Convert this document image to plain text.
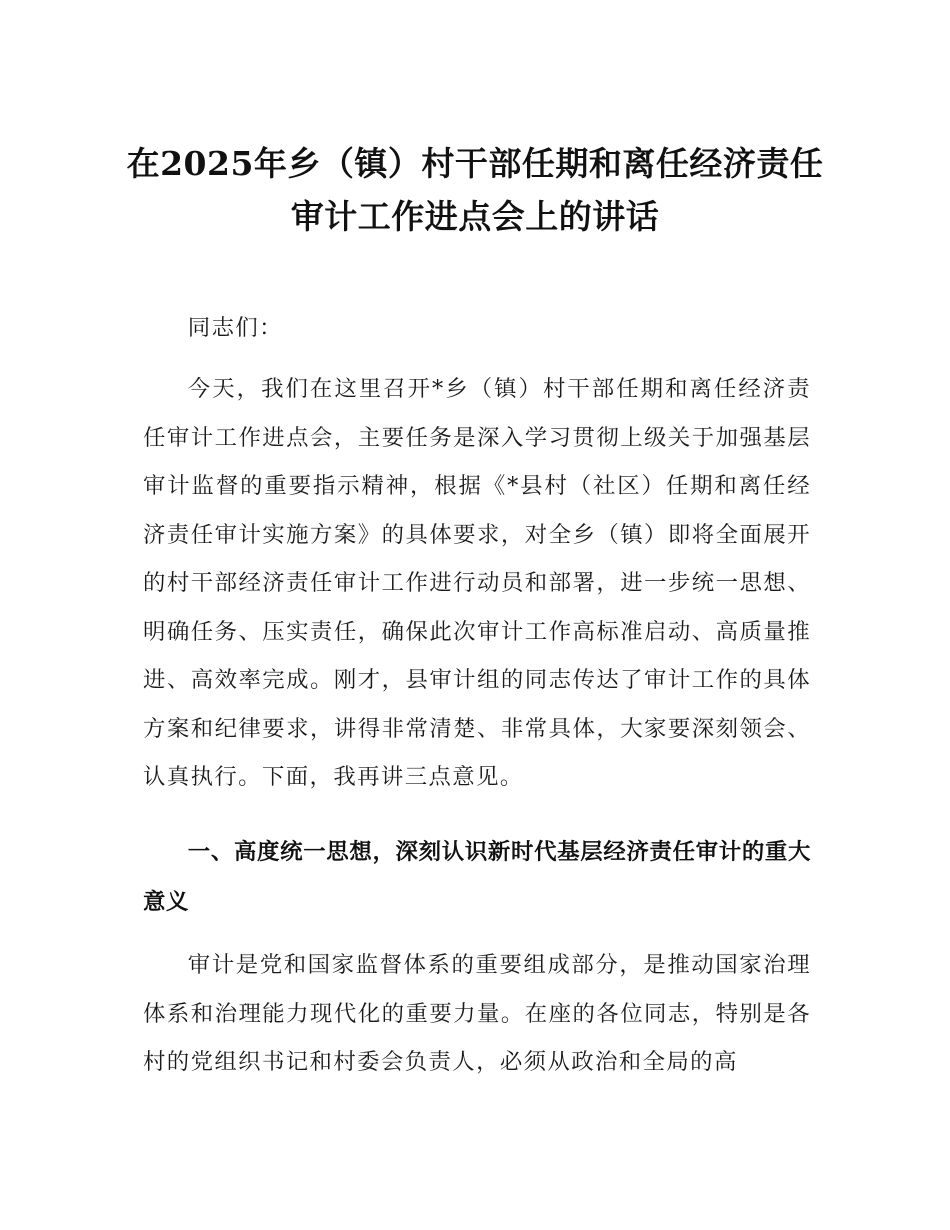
在2025年乡（镇）村干部任期和离任经济责任审计工作进点会上的讲话

同志们：

今天，我们在这里召开*乡（镇）村干部任期和离任经济责任审计工作进点会，主要任务是深入学习贯彻上级关于加强基层审计监督的重要指示精神，根据《*县村（社区）任期和离任经济责任审计实施方案》的具体要求，对全乡（镇）即将全面展开的村干部经济责任审计工作进行动员和部署，进一步统一思想、明确任务、压实责任，确保此次审计工作高标准启动、高质量推进、高效率完成。刚才，县审计组的同志传达了审计工作的具体方案和纪律要求，讲得非常清楚、非常具体，大家要深刻领会、认真执行。下面，我再讲三点意见。

一、高度统一思想，深刻认识新时代基层经济责任审计的重大意义

审计是党和国家监督体系的重要组成部分，是推动国家治理体系和治理能力现代化的重要力量。在座的各位同志，特别是各村的党组织书记和村委会负责人，必须从政治和全局的高
